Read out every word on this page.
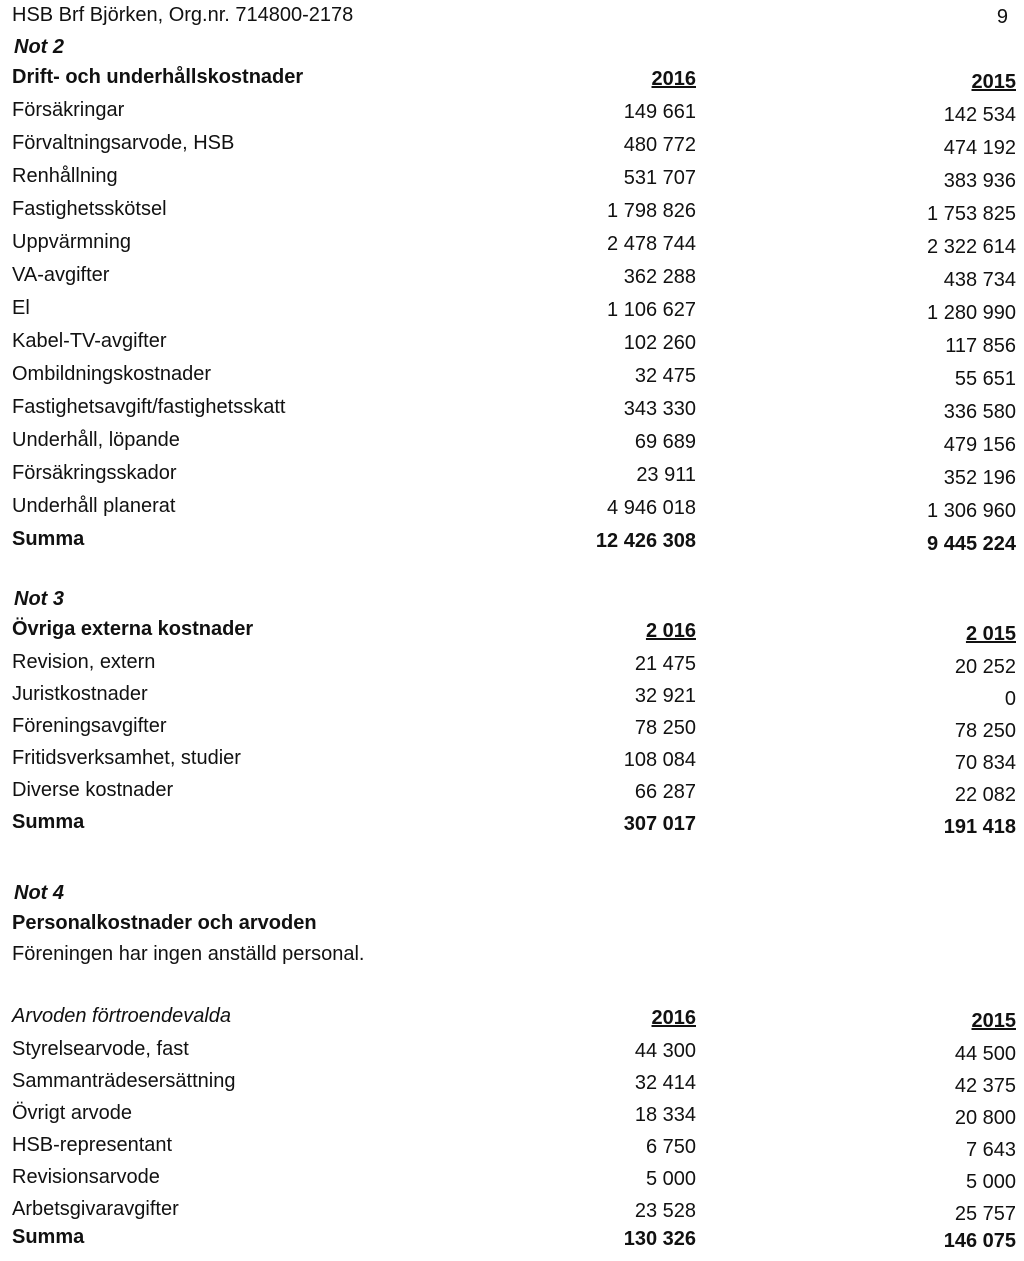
HSB Brf Björken, Org.nr. 714800-2178	9
Not 2
Drift- och underhållskostnader	2016	2015
Försäkringar	149 661	142 534
Förvaltningsarvode, HSB	480 772	474 192
Renhållning	531 707	383 936
Fastighetsskötsel	1 798 826	1 753 825
Uppvärmning	2 478 744	2 322 614
VA-avgifter	362 288	438 734
El	1 106 627	1 280 990
Kabel-TV-avgifter	102 260	117 856
Ombildningskostnader	32 475	55 651
Fastighetsavgift/fastighetsskatt	343 330	336 580
Underhåll, löpande	69 689	479 156
Försäkringsskador	23 911	352 196
Underhåll planerat	4 946 018	1 306 960
Summa	12 426 308	9 445 224
Not 3
Övriga externa kostnader	2 016	2 015
Revision, extern	21 475	20 252
Juristkostnader	32 921	0
Föreningsavgifter	78 250	78 250
Fritidsverksamhet, studier	108 084	70 834
Diverse kostnader	66 287	22 082
Summa	307 017	191 418
Not 4
Personalkostnader och arvoden
Föreningen har ingen anställd personal.
Arvoden förtroendevalda	2016	2015
Styrelsearvode, fast	44 300	44 500
Sammanträdesersättning	32 414	42 375
Övrigt arvode	18 334	20 800
HSB-representant	6 750	7 643
Revisionsarvode	5 000	5 000
Arbetsgivaravgifter	23 528	25 757
Summa	130 326	146 075
